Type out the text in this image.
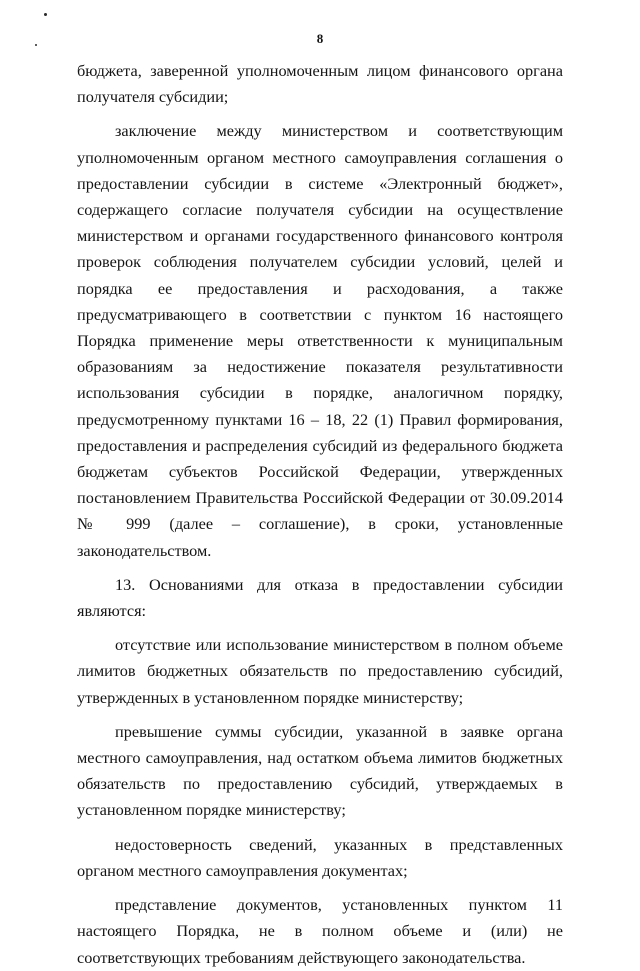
8

бюджета, заверенной уполномоченным лицом финансового органа получателя субсидии;

заключение между министерством и соответствующим уполномоченным органом местного самоуправления соглашения о предоставлении субсидии в системе «Электронный бюджет», содержащего согласие получателя субсидии на осуществление министерством и органами государственного финансового контроля проверок соблюдения получателем субсидии условий, целей и порядка ее предоставления и расходования, а также предусматривающего в соответствии с пунктом 16 настоящего Порядка применение меры ответственности к муниципальным образованиям за недостижение показателя результативности использования субсидии в порядке, аналогичном порядку, предусмотренному пунктами 16 – 18, 22 (1) Правил формирования, предоставления и распределения субсидий из федерального бюджета бюджетам субъектов Российской Федерации, утвержденных постановлением Правительства Российской Федерации от 30.09.2014 № 999 (далее – соглашение), в сроки, установленные законодательством.

13. Основаниями для отказа в предоставлении субсидии являются:

отсутствие или использование министерством в полном объеме лимитов бюджетных обязательств по предоставлению субсидий, утвержденных в установленном порядке министерству;

превышение суммы субсидии, указанной в заявке органа местного самоуправления, над остатком объема лимитов бюджетных обязательств по предоставлению субсидий, утверждаемых в установленном порядке министерству;

недостоверность сведений, указанных в представленных органом местного самоуправления документах;

представление документов, установленных пунктом 11 настоящего Порядка, не в полном объеме и (или) не соответствующих требованиям действующего законодательства.
